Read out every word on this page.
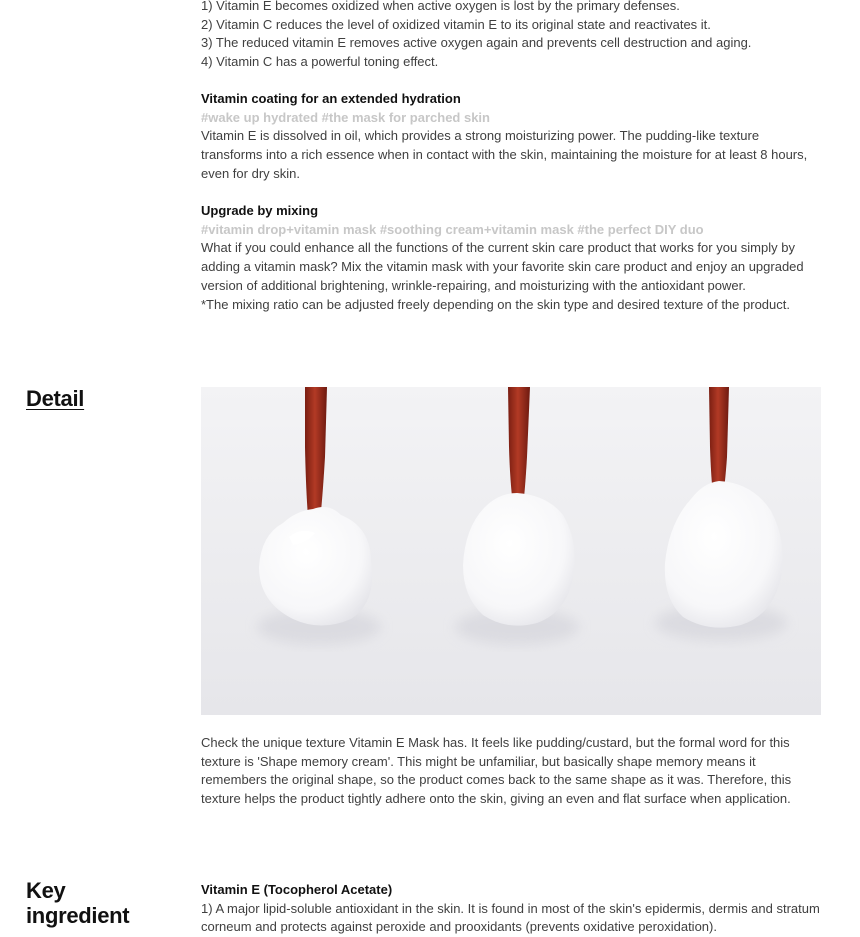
1) Vitamin E becomes oxidized when active oxygen is lost by the primary defenses.
2) Vitamin C reduces the level of oxidized vitamin E to its original state and reactivates it.
3) The reduced vitamin E removes active oxygen again and prevents cell destruction and aging.
4) Vitamin C has a powerful toning effect.
Vitamin coating for an extended hydration
#wake up hydrated #the mask for parched skin
Vitamin E is dissolved in oil, which provides a strong moisturizing power. The pudding-like texture
transforms into a rich essence when in contact with the skin, maintaining the moisture for at least 8 hours,
even for dry skin.
Upgrade by mixing
#vitamin drop+vitamin mask #soothing cream+vitamin mask #the perfect DIY duo
What if you could enhance all the functions of the current skin care product that works for you simply by
adding a vitamin mask? Mix the vitamin mask with your favorite skin care product and enjoy an upgraded
version of additional brightening, wrinkle-repairing, and moisturizing with the antioxidant power.
*The mixing ratio can be adjusted freely depending on the skin type and desired texture of the product.
Detail
Check the unique texture Vitamin E Mask has. It feels like pudding/custard, but the formal word for this
texture is 'Shape memory cream'. This might be unfamiliar, but basically shape memory means it
remembers the original shape, so the product comes back to the same shape as it was. Therefore, this
texture helps the product tightly adhere onto the skin, giving an even and flat surface when application.
Key
ingredient
Vitamin E (Tocopherol Acetate)
1) A major lipid-soluble antioxidant in the skin. It is found in most of the skin's epidermis, dermis and stratum
corneum and protects against peroxide and prooxidants (prevents oxidative peroxidation).
